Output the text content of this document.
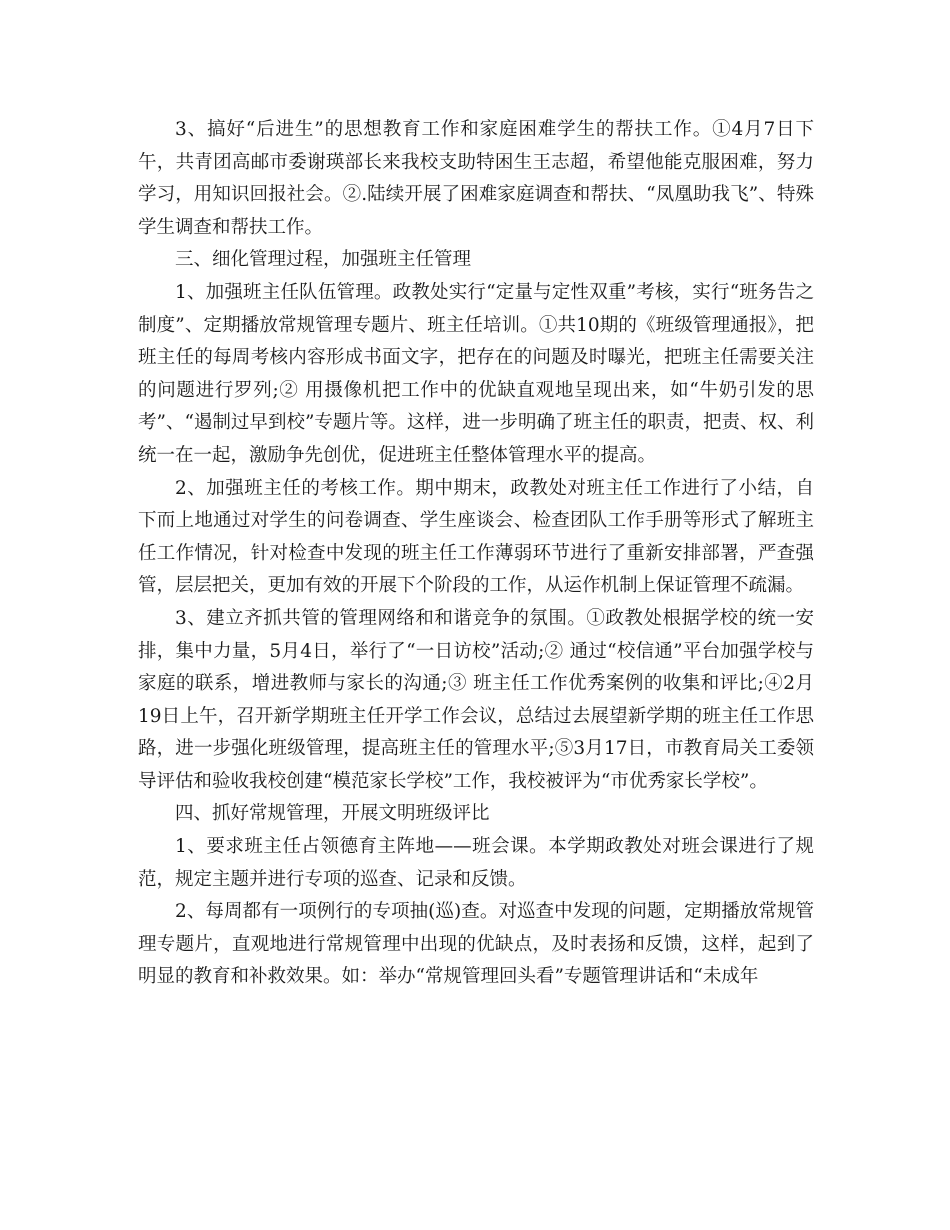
3、搞好“后进生”的思想教育工作和家庭困难学生的帮扶工作。①4月7日下午，共青团高邮市委谢瑛部长来我校支助特困生王志超，希望他能克服困难，努力学习，用知识回报社会。②.陆续开展了困难家庭调查和帮扶、“凤凰助我飞”、特殊学生调查和帮扶工作。

三、细化管理过程，加强班主任管理

1、加强班主任队伍管理。政教处实行“定量与定性双重”考核，实行“班务告之制度”、定期播放常规管理专题片、班主任培训。①共10期的《班级管理通报》，把班主任的每周考核内容形成书面文字，把存在的问题及时曝光，把班主任需要关注的问题进行罗列;② 用摄像机把工作中的优缺直观地呈现出来，如“牛奶引发的思考”、“遏制过早到校”专题片等。这样，进一步明确了班主任的职责，把责、权、利统一在一起，激励争先创优，促进班主任整体管理水平的提高。

2、加强班主任的考核工作。期中期末，政教处对班主任工作进行了小结，自下而上地通过对学生的问卷调查、学生座谈会、检查团队工作手册等形式了解班主任工作情况，针对检查中发现的班主任工作薄弱环节进行了重新安排部署，严查强管，层层把关，更加有效的开展下个阶段的工作，从运作机制上保证管理不疏漏。

3、建立齐抓共管的管理网络和和谐竞争的氛围。①政教处根据学校的统一安排，集中力量，5月4日，举行了“一日访校”活动;② 通过“校信通”平台加强学校与家庭的联系，增进教师与家长的沟通;③ 班主任工作优秀案例的收集和评比;④2月19日上午，召开新学期班主任开学工作会议，总结过去展望新学期的班主任工作思路，进一步强化班级管理，提高班主任的管理水平;⑤3月17日，市教育局关工委领导评估和验收我校创建“模范家长学校”工作，我校被评为“市优秀家长学校”。

四、抓好常规管理，开展文明班级评比

1、要求班主任占领德育主阵地——班会课。本学期政教处对班会课进行了规范，规定主题并进行专项的巡查、记录和反馈。

2、每周都有一项例行的专项抽(巡)查。对巡查中发现的问题，定期播放常规管理专题片，直观地进行常规管理中出现的优缺点，及时表扬和反馈，这样，起到了明显的教育和补救效果。如：举办“常规管理回头看”专题管理讲话和“未成年
